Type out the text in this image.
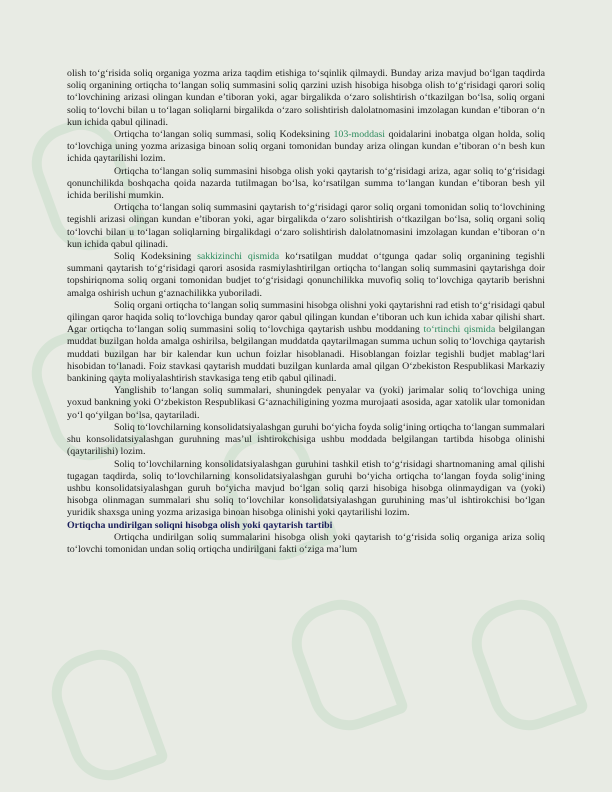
olish to‘g‘risida soliq organiga yozma ariza taqdim etishiga to‘sqinlik qilmaydi. Bunday ariza mavjud bo‘lgan taqdirda soliq organining ortiqcha to‘langan soliq summasini soliq qarzini uzish hisobiga hisobga olish to‘g‘risidagi qarori soliq to‘lovchining arizasi olingan kundan e’tiboran yoki, agar birgalikda o‘zaro solishtirish o‘tkazilgan bo‘lsa, soliq organi soliq to‘lovchi bilan u to‘lagan soliqlarni birgalikda o‘zaro solishtirish dalolatnomasini imzolagan kundan e’tiboran o‘n kun ichida qabul qilinadi.

Ortiqcha to‘langan soliq summasi, soliq Kodeksining 103-moddasi qoidalarini inobatga olgan holda, soliq to‘lovchiga uning yozma arizasiga binoan soliq organi tomonidan bunday ariza olingan kundan e’tiboran o‘n besh kun ichida qaytarilishi lozim.

Ortiqcha to‘langan soliq summasini hisobga olish yoki qaytarish to‘g‘risidagi ariza, agar soliq to‘g‘risidagi qonunchilikda boshqacha qoida nazarda tutilmagan bo‘lsa, ko‘rsatilgan summa to‘langan kundan e’tiboran besh yil ichida berilishi mumkin.

Ortiqcha to‘langan soliq summasini qaytarish to‘g‘risidagi qaror soliq organi tomonidan soliq to‘lovchining tegishli arizasi olingan kundan e’tiboran yoki, agar birgalikda o‘zaro solishtirish o‘tkazilgan bo‘lsa, soliq organi soliq to‘lovchi bilan u to‘lagan soliqlarning birgalikdagi o‘zaro solishtirish dalolatnomasini imzolagan kundan e’tiboran o‘n kun ichida qabul qilinadi.

Soliq Kodeksining sakkizinchi qismida ko‘rsatilgan muddat o‘tgunga qadar soliq organining tegishli summani qaytarish to‘g‘risidagi qarori asosida rasmiylashtirilgan ortiqcha to‘langan soliq summasini qaytarishga doir topshiriqnoma soliq organi tomonidan budjet to‘g‘risidagi qonunchilikka muvofiq soliq to‘lovchiga qaytarib berishni amalga oshirish uchun g‘aznachilikka yuboriladi.

Soliq organi ortiqcha to‘langan soliq summasini hisobga olishni yoki qaytarishni rad etish to‘g‘risidagi qabul qilingan qaror haqida soliq to‘lovchiga bunday qaror qabul qilingan kundan e’tiboran uch kun ichida xabar qilishi shart. Agar ortiqcha to‘langan soliq summasini soliq to‘lovchiga qaytarish ushbu moddaning to‘rtinchi qismida belgilangan muddat buzilgan holda amalga oshirilsa, belgilangan muddatda qaytarilmagan summa uchun soliq to‘lovchiga qaytarish muddati buzilgan har bir kalendar kun uchun foizlar hisoblanadi. Hisoblangan foizlar tegishli budjet mablag‘lari hisobidan to‘lanadi. Foiz stavkasi qaytarish muddati buzilgan kunlarda amal qilgan O‘zbekiston Respublikasi Markaziy bankining qayta moliyalashtirish stavkasiga teng etib qabul qilinadi.

Yanglishib to‘langan soliq summalari, shuningdek penyalar va (yoki) jarimalar soliq to‘lovchiga uning yoxud bankning yoki O‘zbekiston Respublikasi G‘aznachiligining yozma murojaati asosida, agar xatolik ular tomonidan yo‘l qo‘yilgan bo‘lsa, qaytariladi.

Soliq to‘lovchilarning konsolidatsiyalashgan guruhi bo‘yicha foyda solig‘ining ortiqcha to‘langan summalari shu konsolidatsiyalashgan guruhning mas’ul ishtirokchisiga ushbu moddada belgilangan tartibda hisobga olinishi (qaytarilishi) lozim.

Soliq to‘lovchilarning konsolidatsiyalashgan guruhini tashkil etish to‘g‘risidagi shartnomaning amal qilishi tugagan taqdirda, soliq to‘lovchilarning konsolidatsiyalashgan guruhi bo‘yicha ortiqcha to‘langan foyda solig‘ining ushbu konsolidatsiyalashgan guruh bo‘yicha mavjud bo‘lgan soliq qarzi hisobiga hisobga olinmaydigan va (yoki) hisobga olinmagan summalari shu soliq to‘lovchilar konsolidatsiyalashgan guruhining mas’ul ishtirokchisi bo‘lgan yuridik shaxsga uning yozma arizasiga binoan hisobga olinishi yoki qaytarilishi lozim.

Ortiqcha undirilgan soliqni hisobga olish yoki qaytarish tartibi

Ortiqcha undirilgan soliq summalarini hisobga olish yoki qaytarish to‘g‘risida soliq organiga ariza soliq to‘lovchi tomonidan undan soliq ortiqcha undirilgani fakti o‘ziga ma’lum
